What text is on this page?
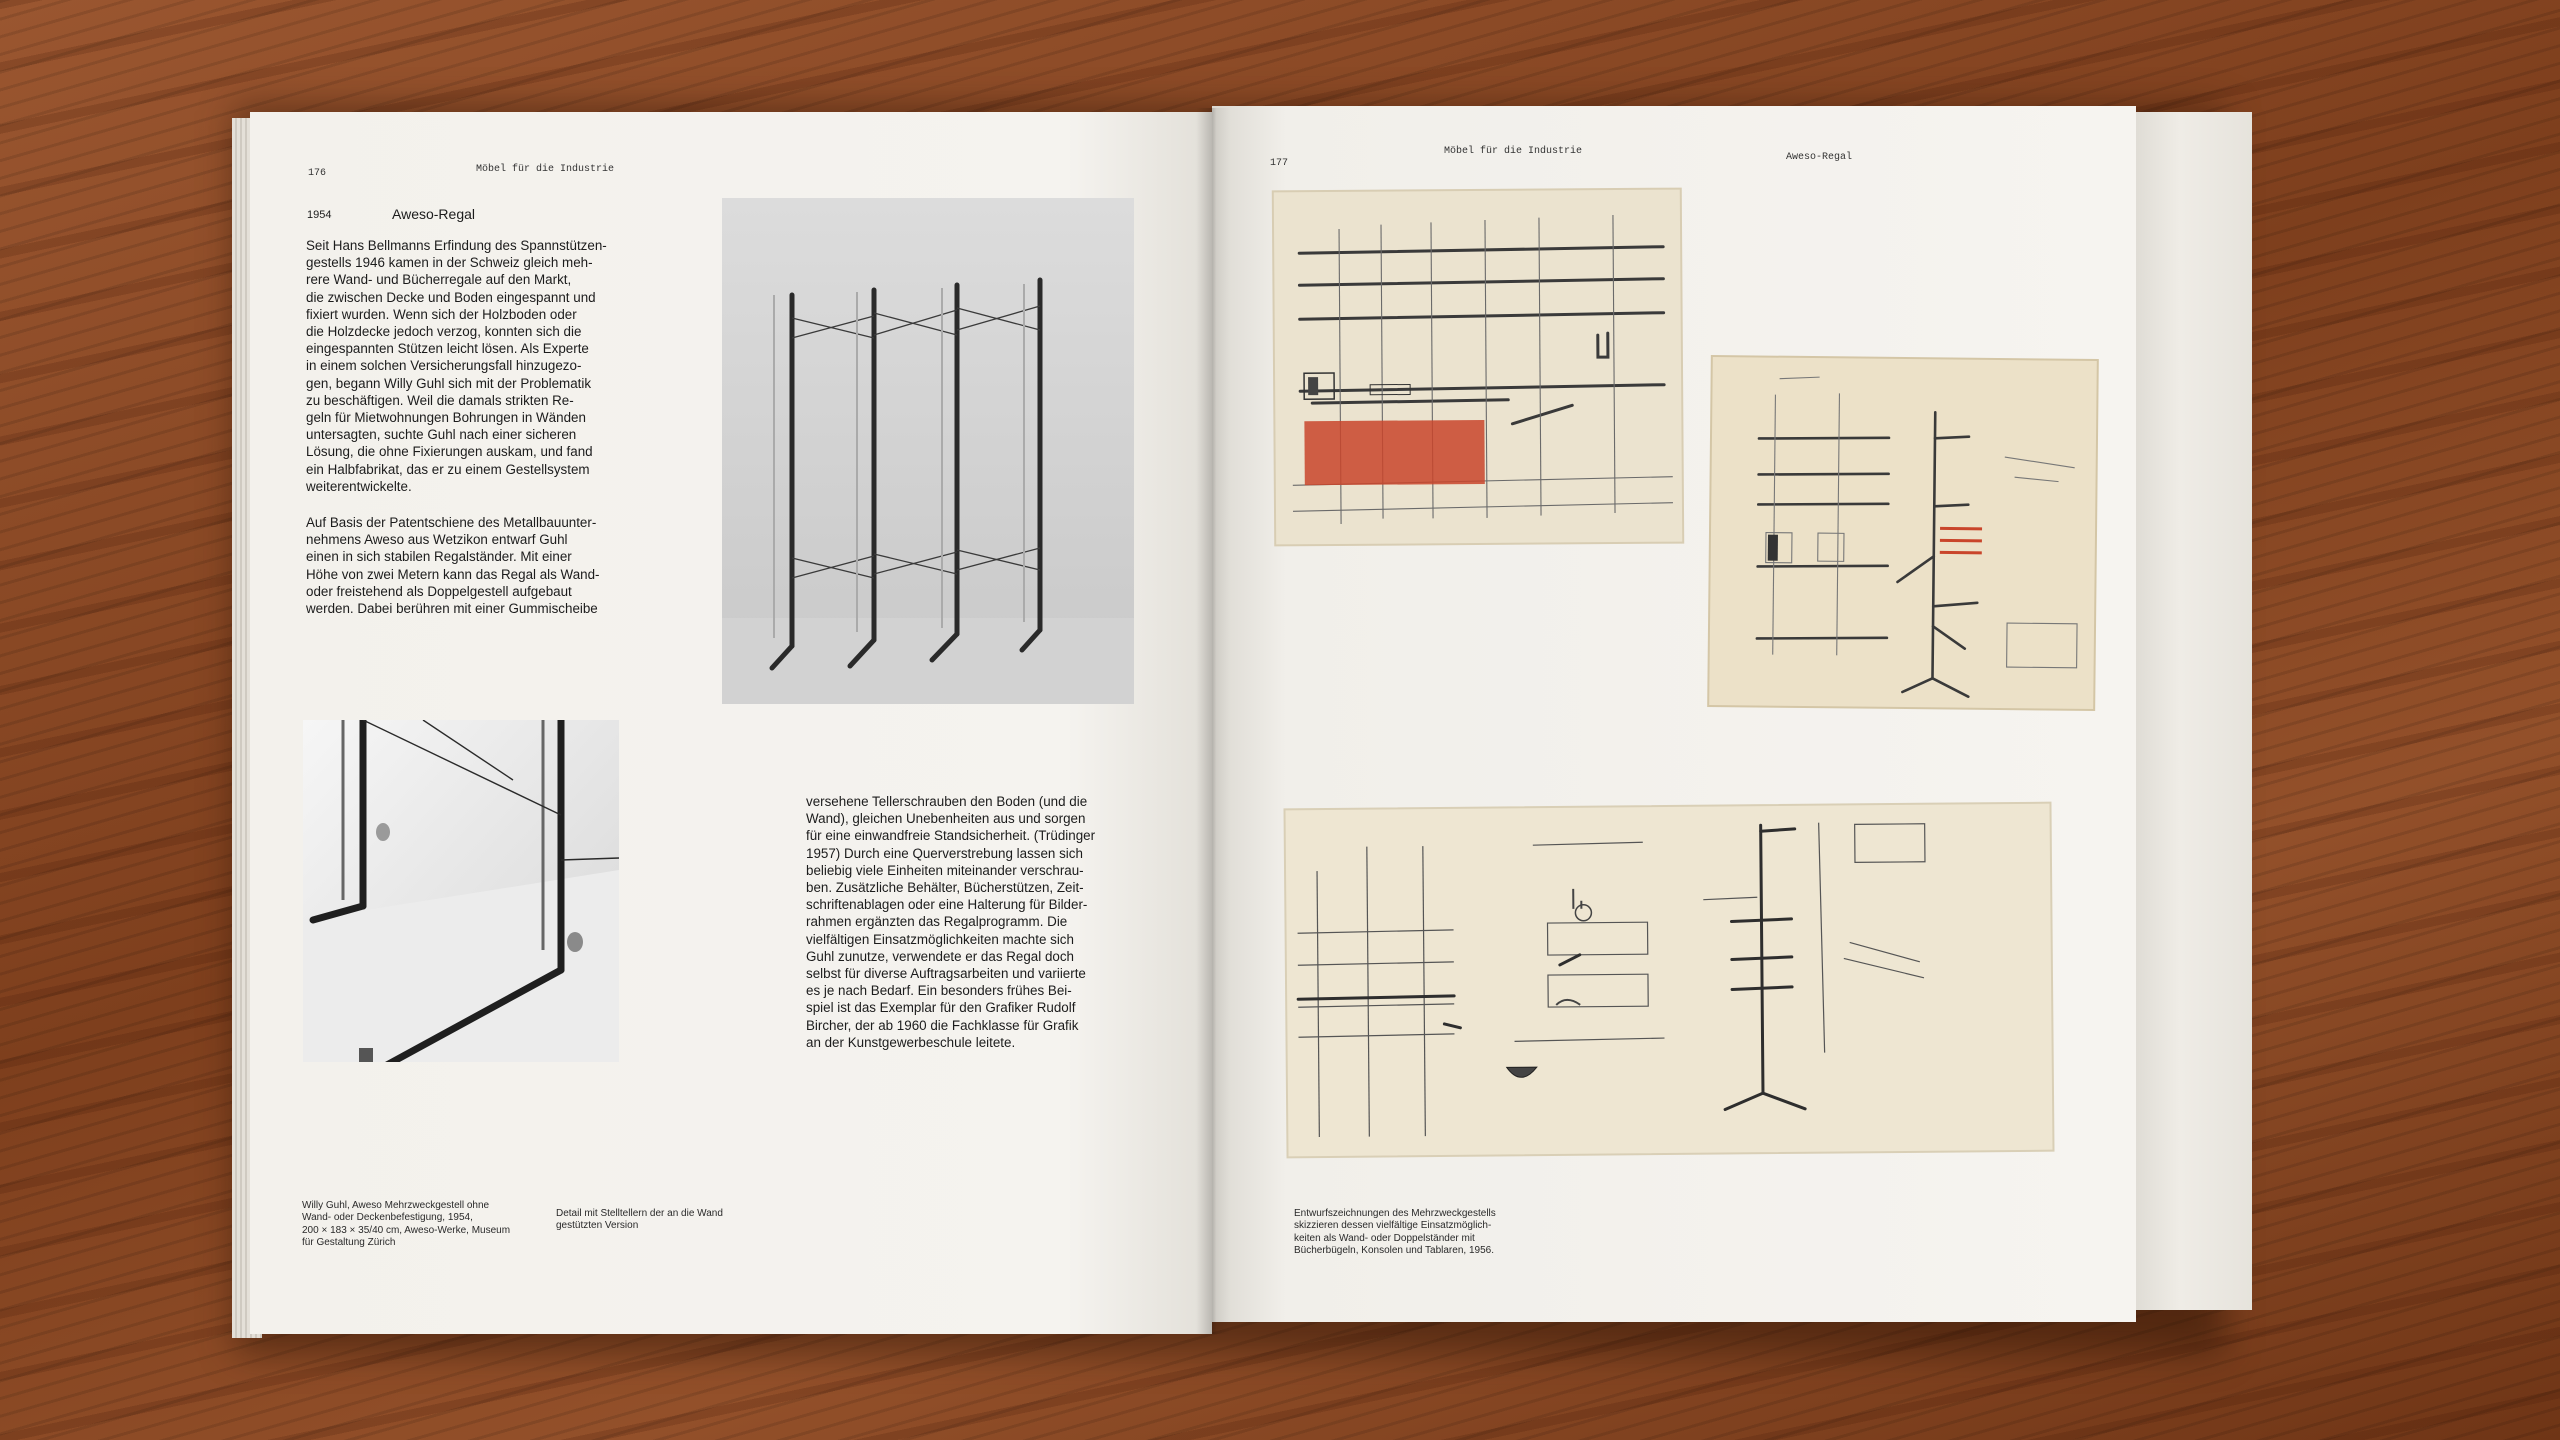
176	Möbel für die Industrie
1954	Aweso-Regal
Seit Hans Bellmanns Erfindung des Spannstützen-
gestells 1946 kamen in der Schweiz gleich meh-
rere Wand- und Bücherregale auf den Markt,
die zwischen Decke und Boden eingespannt und
fixiert wurden. Wenn sich der Holzboden oder
die Holzdecke jedoch verzog, konnten sich die
eingespannten Stützen leicht lösen. Als Experte
in einem solchen Versicherungsfall hinzugezo-
gen, begann Willy Guhl sich mit der Problematik
zu beschäftigen. Weil die damals strikten Re-
geln für Mietwohnungen Bohrungen in Wänden
untersagten, suchte Guhl nach einer sicheren
Lösung, die ohne Fixierungen auskam, und fand
ein Halbfabrikat, das er zu einem Gestellsystem
weiterentwickelte.
Auf Basis der Patentschiene des Metallbauunter-
nehmens Aweso aus Wetzikon entwarf Guhl
einen in sich stabilen Regalständer. Mit einer
Höhe von zwei Metern kann das Regal als Wand-
oder freistehend als Doppelgestell aufgebaut
werden. Dabei berühren mit einer Gummischeibe
versehene Tellerschrauben den Boden (und die
Wand), gleichen Unebenheiten aus und sorgen
für eine einwandfreie Standsicherheit. (Trüdinger
1957) Durch eine Querverstrebung lassen sich
beliebig viele Einheiten miteinander verschrau-
ben. Zusätzliche Behälter, Bücherstützen, Zeit-
schriftenablagen oder eine Halterung für Bilder-
rahmen ergänzten das Regalprogramm. Die
vielfältigen Einsatzmöglichkeiten machte sich
Guhl zunutze, verwendete er das Regal doch
selbst für diverse Auftragsarbeiten und variierte
es je nach Bedarf. Ein besonders frühes Bei-
spiel ist das Exemplar für den Grafiker Rudolf
Bircher, der ab 1960 die Fachklasse für Grafik
an der Kunstgewerbeschule leitete.
Willy Guhl, Aweso Mehrzweckgestell ohne
Wand- oder Deckenbefestigung, 1954,
200 × 183 × 35/40 cm, Aweso-Werke, Museum
für Gestaltung Zürich
Detail mit Stelltellern der an die Wand
gestützten Version
177
Möbel für die Industrie
Aweso-Regal
Entwurfszeichnungen des Mehrzweckgestells
skizzieren dessen vielfältige Einsatzmöglich-
keiten als Wand- oder Doppelständer mit
Bücherbügeln, Konsolen und Tablaren, 1956.
